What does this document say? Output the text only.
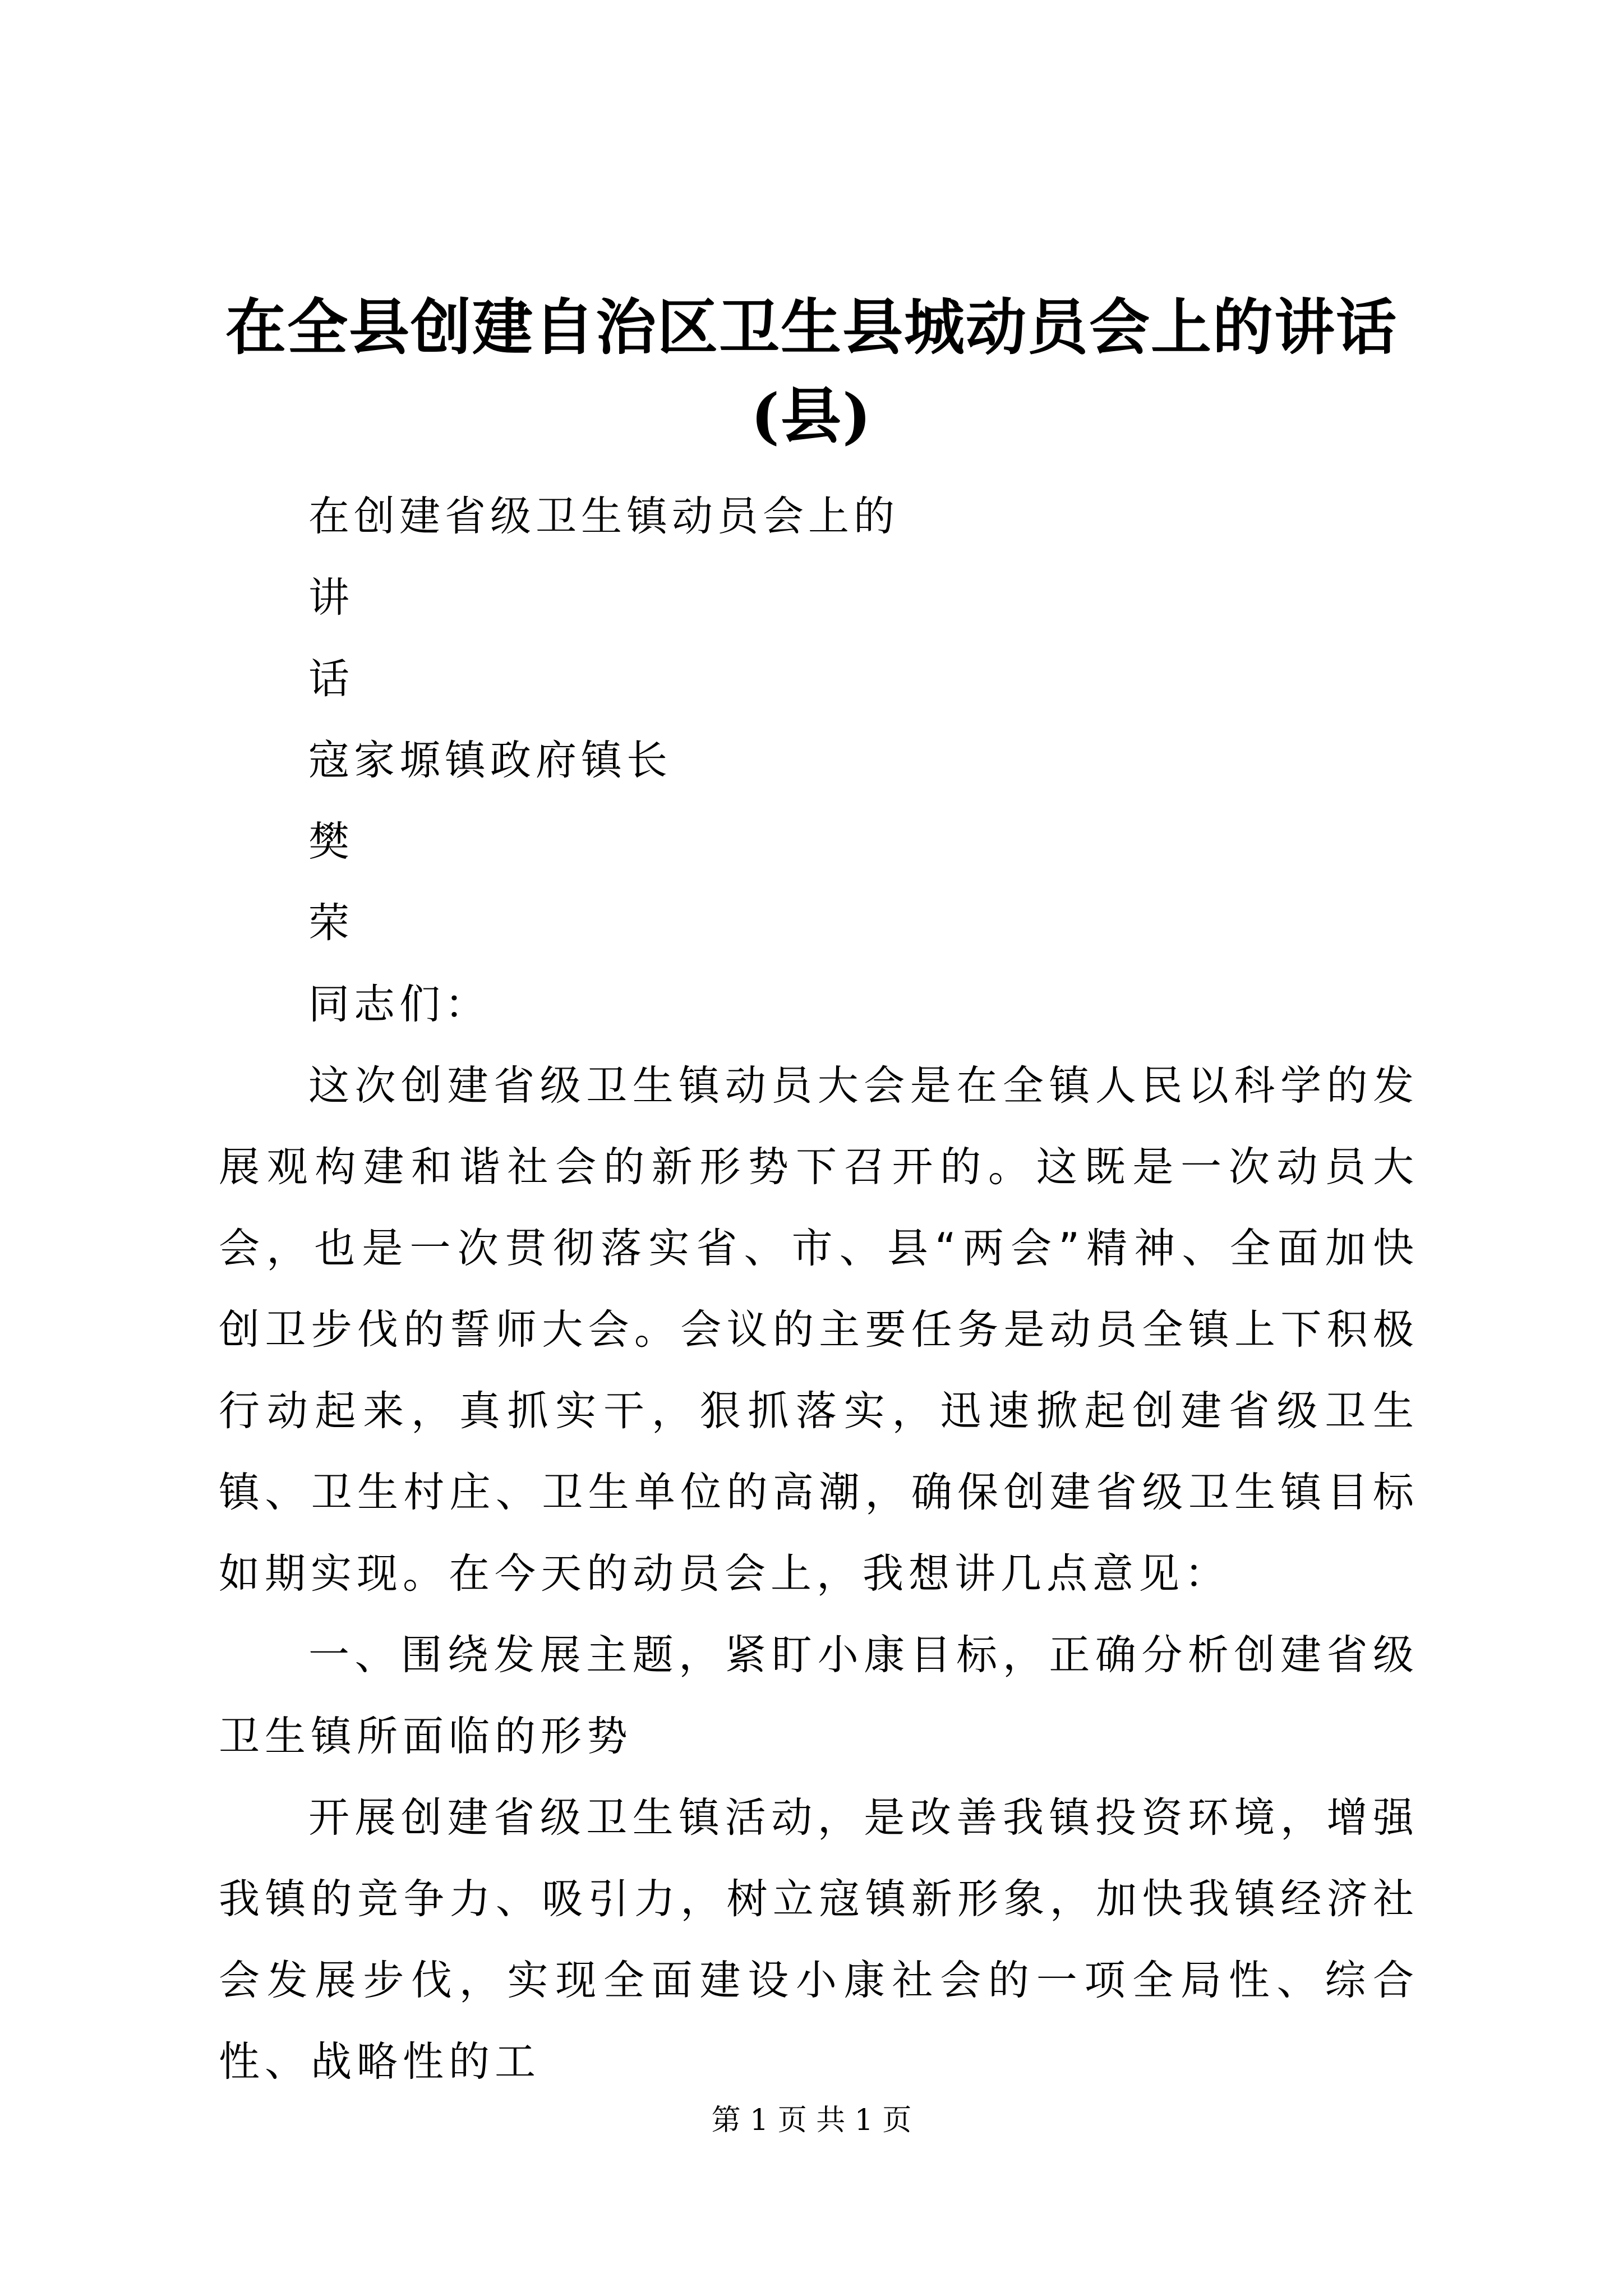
在全县创建自治区卫生县城动员会上的讲话
(县)

在创建省级卫生镇动员会上的

讲

话

寇家塬镇政府镇长

樊

荣

同志们：

这次创建省级卫生镇动员大会是在全镇人民以科学的发展观构建和谐社会的新形势下召开的。这既是一次动员大会，也是一次贯彻落实省、市、县“两会”精神、全面加快创卫步伐的誓师大会。会议的主要任务是动员全镇上下积极行动起来，真抓实干，狠抓落实，迅速掀起创建省级卫生镇、卫生村庄、卫生单位的高潮，确保创建省级卫生镇目标如期实现。在今天的动员会上，我想讲几点意见：

一、围绕发展主题，紧盯小康目标，正确分析创建省级卫生镇所面临的形势

开展创建省级卫生镇活动，是改善我镇投资环境，增强我镇的竞争力、吸引力，树立寇镇新形象，加快我镇经济社会发展步伐，实现全面建设小康社会的一项全局性、综合性、战略性的工

第 1 页 共 1 页
